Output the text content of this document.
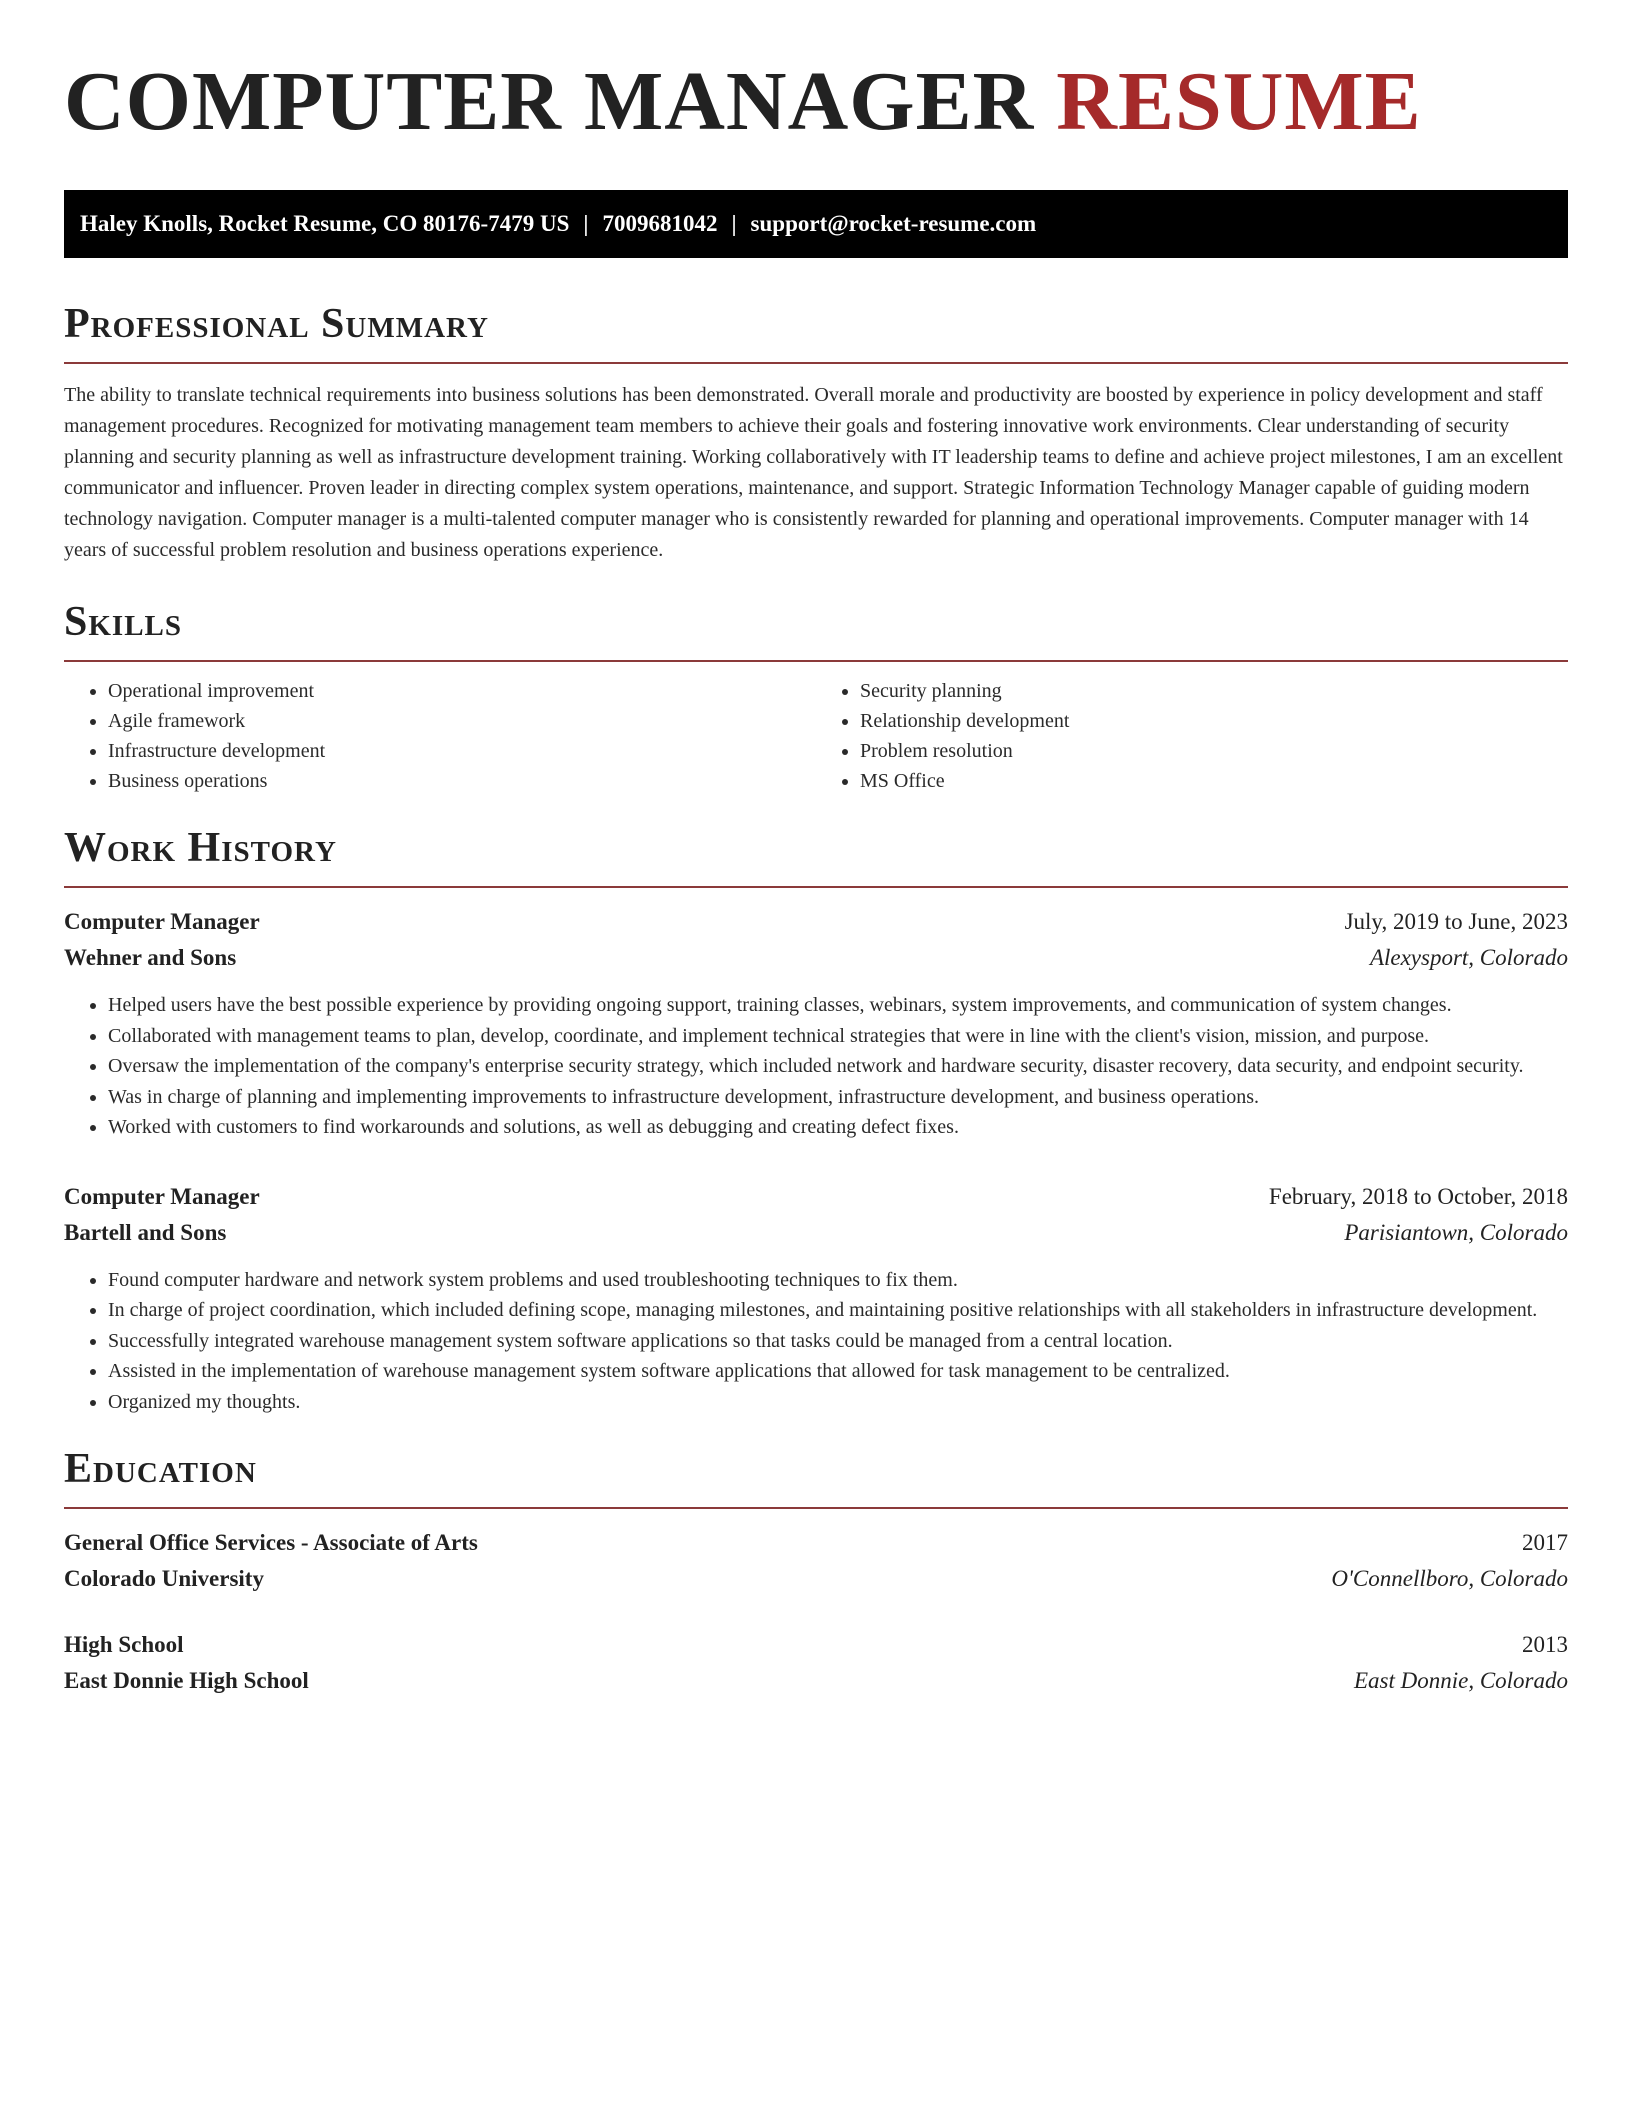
COMPUTER MANAGER RESUME
Haley Knolls, Rocket Resume, CO 80176-7479 US | 7009681042 | support@rocket-resume.com
Professional Summary

The ability to translate technical requirements into business solutions has been demonstrated. Overall morale and productivity are boosted by experience in policy development and staff management procedures. Recognized for motivating management team members to achieve their goals and fostering innovative work environments. Clear understanding of security planning and security planning as well as infrastructure development training. Working collaboratively with IT leadership teams to define and achieve project milestones, I am an excellent communicator and influencer. Proven leader in directing complex system operations, maintenance, and support. Strategic Information Technology Manager capable of guiding modern technology navigation. Computer manager is a multi-talented computer manager who is consistently rewarded for planning and operational improvements. Computer manager with 14 years of successful problem resolution and business operations experience.

Skills
• Operational improvement
• Agile framework
• Infrastructure development
• Business operations
• Security planning
• Relationship development
• Problem resolution
• MS Office
Work History
Computer Manager	July, 2019 to June, 2023
Wehner and Sons	Alexysport, Colorado
• Helped users have the best possible experience by providing ongoing support, training classes, webinars, system improvements, and communication of system changes.
• Collaborated with management teams to plan, develop, coordinate, and implement technical strategies that were in line with the client's vision, mission, and purpose.
• Oversaw the implementation of the company's enterprise security strategy, which included network and hardware security, disaster recovery, data security, and endpoint security.
• Was in charge of planning and implementing improvements to infrastructure development, infrastructure development, and business operations.
• Worked with customers to find workarounds and solutions, as well as debugging and creating defect fixes.
Computer Manager	February, 2018 to October, 2018
Bartell and Sons	Parisiantown, Colorado
• Found computer hardware and network system problems and used troubleshooting techniques to fix them.
• In charge of project coordination, which included defining scope, managing milestones, and maintaining positive relationships with all stakeholders in infrastructure development.
• Successfully integrated warehouse management system software applications so that tasks could be managed from a central location.
• Assisted in the implementation of warehouse management system software applications that allowed for task management to be centralized.
• Organized my thoughts.
Education
General Office Services - Associate of Arts	2017
Colorado University	O'Connellboro, Colorado
High School	2013
East Donnie High School	East Donnie, Colorado
